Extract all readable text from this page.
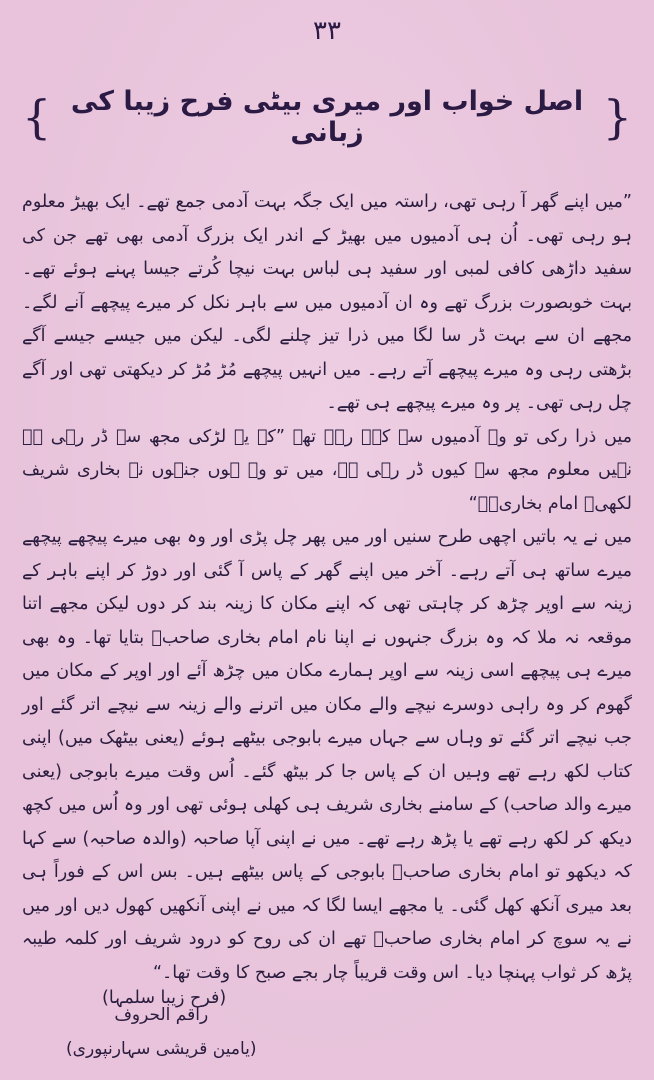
۳۳
{
اصل خواب اور میری بیٹی فرح زیبا کی زبانی
}

”میں اپنے گھر آ رہی تھی، راستہ میں ایک جگہ بہت آدمی جمع تھے۔ ایک بھیڑ معلوم ہو رہی تھی۔ اُن ہی آدمیوں میں بھیڑ کے اندر ایک بزرگ آدمی بھی تھے جن کی سفید داڑھی کافی لمبی اور سفید ہی لباس بہت نیچا کُرتے جیسا پہنے ہوئے تھے۔ بہت خوبصورت بزرگ تھے وہ ان آدمیوں میں سے باہر نکل کر میرے پیچھے آنے لگے۔ مجھے ان سے بہت ڈر سا لگا میں ذرا تیز چلنے لگی۔ لیکن میں جیسے جیسے آگے بڑھتی رہی وہ میرے پیچھے آتے رہے۔ میں انہیں پیچھے مُڑ مُڑ کر دیکھتی تھی اور آگے چل رہی تھی۔ پر وہ میرے پیچھے ہی تھے۔

میں ذرا رکی تو وہ آدمیوں سے کہہ رہے تھے ”کہ یہ لڑکی مجھ سے ڈر رہی ہے نہیں معلوم مجھ سے کیوں ڈر رہی ہے، میں تو وہ ہوں جنہوں نے بخاری شریف لکھی۔ امام بخاریؒ۔“

میں نے یہ باتیں اچھی طرح سنیں اور میں پھر چل پڑی اور وہ بھی میرے پیچھے پیچھے میرے ساتھ ہی آتے رہے۔ آخر میں اپنے گھر کے پاس آ گئی اور دوڑ کر اپنے باہر کے زینہ سے اوپر چڑھ کر چاہتی تھی کہ اپنے مکان کا زینہ بند کر دوں لیکن مجھے اتنا موقعہ نہ ملا کہ وہ بزرگ جنہوں نے اپنا نام امام بخاری صاحبؒ بتایا تھا۔ وہ بھی میرے ہی پیچھے اسی زینہ سے اوپر ہمارے مکان میں چڑھ آئے اور اوپر کے مکان میں گھوم کر وہ راہی دوسرے نیچے والے مکان میں اترنے والے زینہ سے نیچے اتر گئے اور جب نیچے اتر گئے تو وہاں سے جہاں میرے بابوجی بیٹھے ہوئے (یعنی بیٹھک میں) اپنی کتاب لکھ رہے تھے وہیں ان کے پاس جا کر بیٹھ گئے۔ اُس وقت میرے بابوجی (یعنی میرے والد صاحب) کے سامنے بخاری شریف ہی کھلی ہوئی تھی اور وہ اُس میں کچھ دیکھ کر لکھ رہے تھے یا پڑھ رہے تھے۔ میں نے اپنی آپا صاحبہ (والدہ صاحبہ) سے کہا کہ دیکھو تو امام بخاری صاحبؒ بابوجی کے پاس بیٹھے ہیں۔ بس اس کے فوراً ہی بعد میری آنکھ کھل گئی۔ یا مجھے ایسا لگا کہ میں نے اپنی آنکھیں کھول دیں اور میں نے یہ سوچ کر امام بخاری صاحبؒ تھے ان کی روح کو درود شریف اور کلمہ طیبہ پڑھ کر ثواب پہنچا دیا۔ اس وقت قریباً چار بجے صبح کا وقت تھا۔“

(فرح زیبا سلمہا)
راقم الحروف
(یامین قریشی سہارنپوری)
